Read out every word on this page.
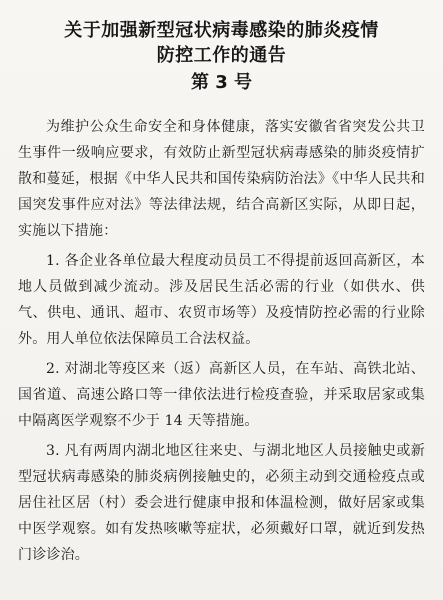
关于加强新型冠状病毒感染的肺炎疫情
防控工作的通告
第 3 号

为维护公众生命安全和身体健康，落实安徽省省突发公共卫生事件一级响应要求，有效防止新型冠状病毒感染的肺炎疫情扩散和蔓延，根据《中华人民共和国传染病防治法》《中华人民共和国突发事件应对法》等法律法规，结合高新区实际，从即日起，实施以下措施：

1. 各企业各单位最大程度动员员工不得提前返回高新区，本地人员做到减少流动。涉及居民生活必需的行业（如供水、供气、供电、通讯、超市、农贸市场等）及疫情防控必需的行业除外。用人单位依法保障员工合法权益。

2. 对湖北等疫区来（返）高新区人员，在车站、高铁北站、国省道、高速公路口等一律依法进行检疫查验，并采取居家或集中隔离医学观察不少于 14 天等措施。

3. 凡有两周内湖北地区往来史、与湖北地区人员接触史或新型冠状病毒感染的肺炎病例接触史的，必须主动到交通检疫点或居住社区居（村）委会进行健康申报和体温检测，做好居家或集中医学观察。如有发热咳嗽等症状，必须戴好口罩，就近到发热门诊诊治。
